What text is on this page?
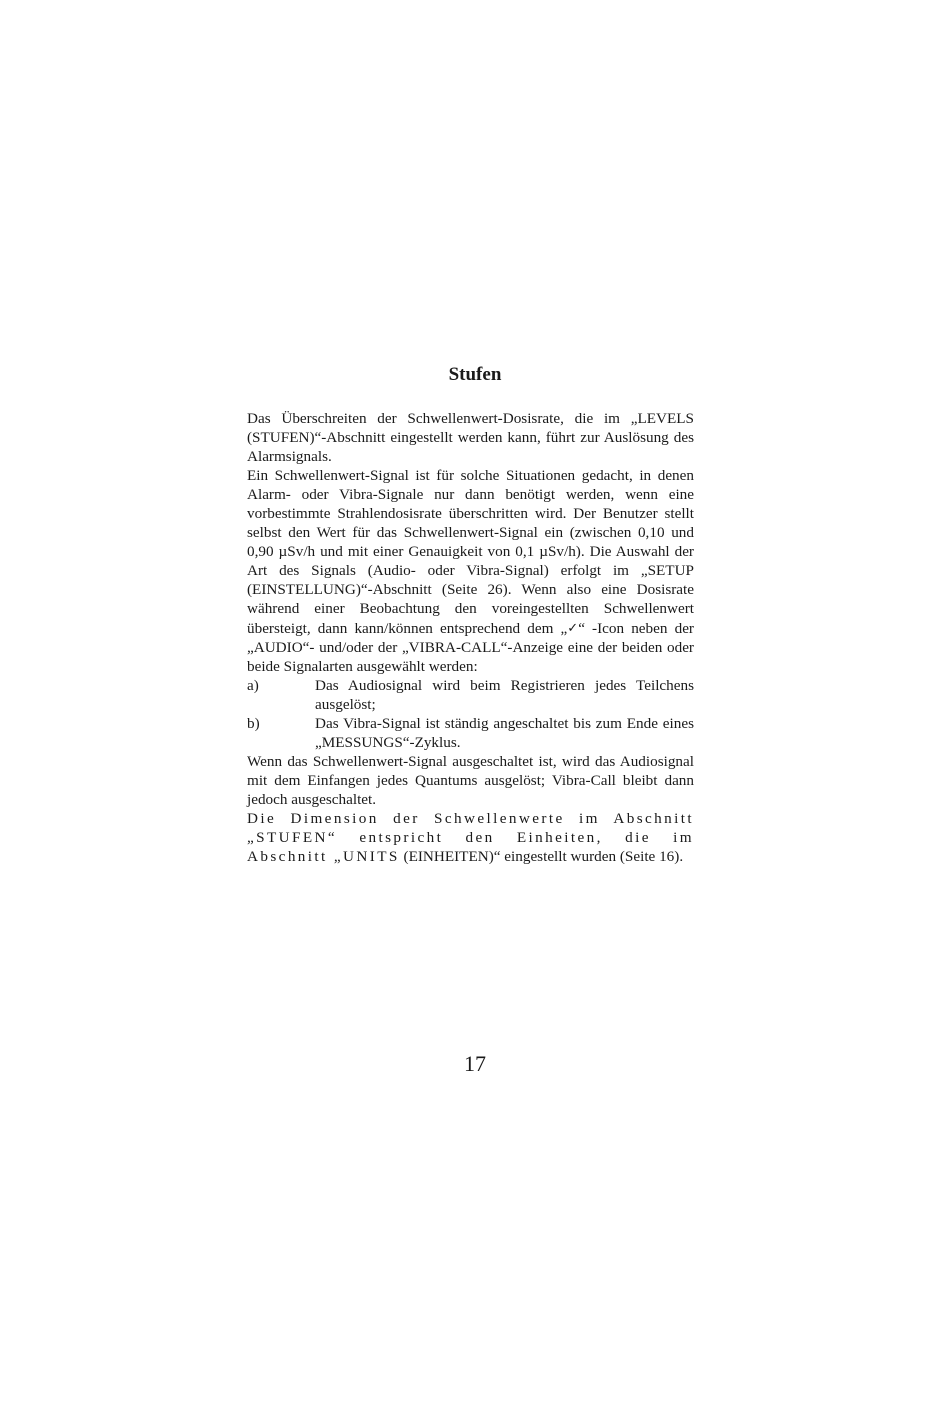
Stufen

Das Überschreiten der Schwellenwert-Dosisrate, die im „LEVELS (STUFEN)“-Abschnitt eingestellt werden kann, führt zur Auslösung des Alarmsignals.

Ein Schwellenwert-Signal ist für solche Situationen gedacht, in denen Alarm- oder Vibra-Signale nur dann benötigt werden, wenn eine vorbestimmte Strahlendosisrate überschritten wird. Der Benutzer stellt selbst den Wert für das Schwellenwert-Signal ein (zwischen 0,10 und 0,90 µSv/h und mit einer Genauigkeit von 0,1 µSv/h). Die Auswahl der Art des Signals (Audio- oder Vibra-Signal) erfolgt im „SETUP (EINSTELLUNG)“-Abschnitt (Seite 26). Wenn also eine Dosisrate während einer Beobachtung den voreingestellten Schwellenwert übersteigt, dann kann/können entsprechend dem „✓“ -Icon neben der „AUDIO“- und/oder der „VIBRA-CALL“-Anzeige eine der beiden oder beide Signalarten ausgewählt werden:

a)	Das Audiosignal wird beim Registrieren jedes Teilchens ausgelöst;
b)	Das Vibra-Signal ist ständig angeschaltet bis zum Ende eines „MESSUNGS“-Zyklus.

Wenn das Schwellenwert-Signal ausgeschaltet ist, wird das Audiosignal mit dem Einfangen jedes Quantums ausgelöst; Vibra-Call bleibt dann jedoch ausgeschaltet.

Die Dimension der Schwellenwerte im Abschnitt „STUFEN“ entspricht den Einheiten, die im Abschnitt „UNITS (EINHEITEN)“ eingestellt wurden (Seite 16).

17
